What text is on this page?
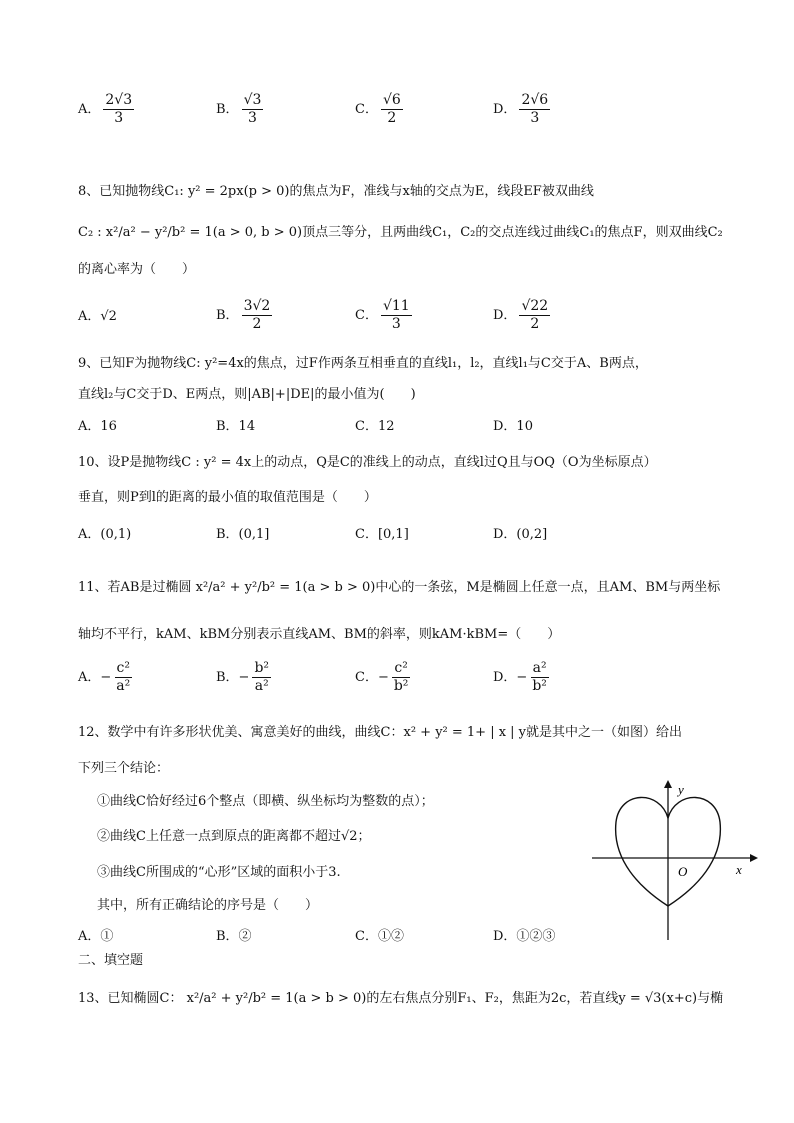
A． $\frac{2√3}{3}$	B． $\frac{√3}{3}$	C． $\frac{√6}{2}$	D． $\frac{2√6}{3}$
8、已知抛物线C₁: y² = 2px(p > 0)的焦点为F，准线与x轴的交点为E，线段EF被双曲线
C₂ : x²/a² − y²/b² = 1(a > 0, b > 0)顶点三等分，且两曲线C₁，C₂的交点连线过曲线C₁的焦点F，则双曲线C₂
的离心率为（　　）
A．√2	B． $\frac{3√2}{2}$	C． $\frac{√11}{3}$	D． $\frac{√22}{2}$
9、已知F为抛物线C: y²=4x的焦点，过F作两条互相垂直的直线l₁，l₂，直线l₁与C交于A、B两点，
直线l₂与C交于D、E两点，则|AB|+|DE|的最小值为(　　)
A．16	B．14	C．12	D．10
10、设P是抛物线C : y² = 4x上的动点，Q是C的准线上的动点，直线l过Q且与OQ（O为坐标原点）
垂直，则P到l的距离的最小值的取值范围是（　　）
A．(0,1)	B．(0,1]	C．[0,1]	D．(0,2]
11、若AB是过椭圆 x²/a² + y²/b² = 1(a > b > 0)中心的一条弦，M是椭圆上任意一点，且AM、BM与两坐标
轴均不平行，kAM、kBM分别表示直线AM、BM的斜率，则kAM·kBM=（　　）
A．− $\frac{\text{c²}}{\text{a²}}$	B．− $\frac{\text{b²}}{\text{a²}}$	C．− $\frac{\text{c²}}{\text{b²}}$	D．− $\frac{\text{a²}}{\text{b²}}$
12、数学中有许多形状优美、寓意美好的曲线，曲线C：x² + y² = 1+ | x | y就是其中之一（如图）给出
下列三个结论：
①曲线C恰好经过6个整点（即横、纵坐标均为整数的点）；
②曲线C上任意一点到原点的距离都不超过√2；
③曲线C所围成的“心形”区域的面积小于3.
其中，所有正确结论的序号是（　　）
A．①	B．②	C．①②	D．①②③
y
x
O
二、填空题
13、已知椭圆C： x²/a² + y²/b² = 1(a > b > 0)的左右焦点分别F₁、F₂，焦距为2c，若直线y = √3(x+c)与椭
